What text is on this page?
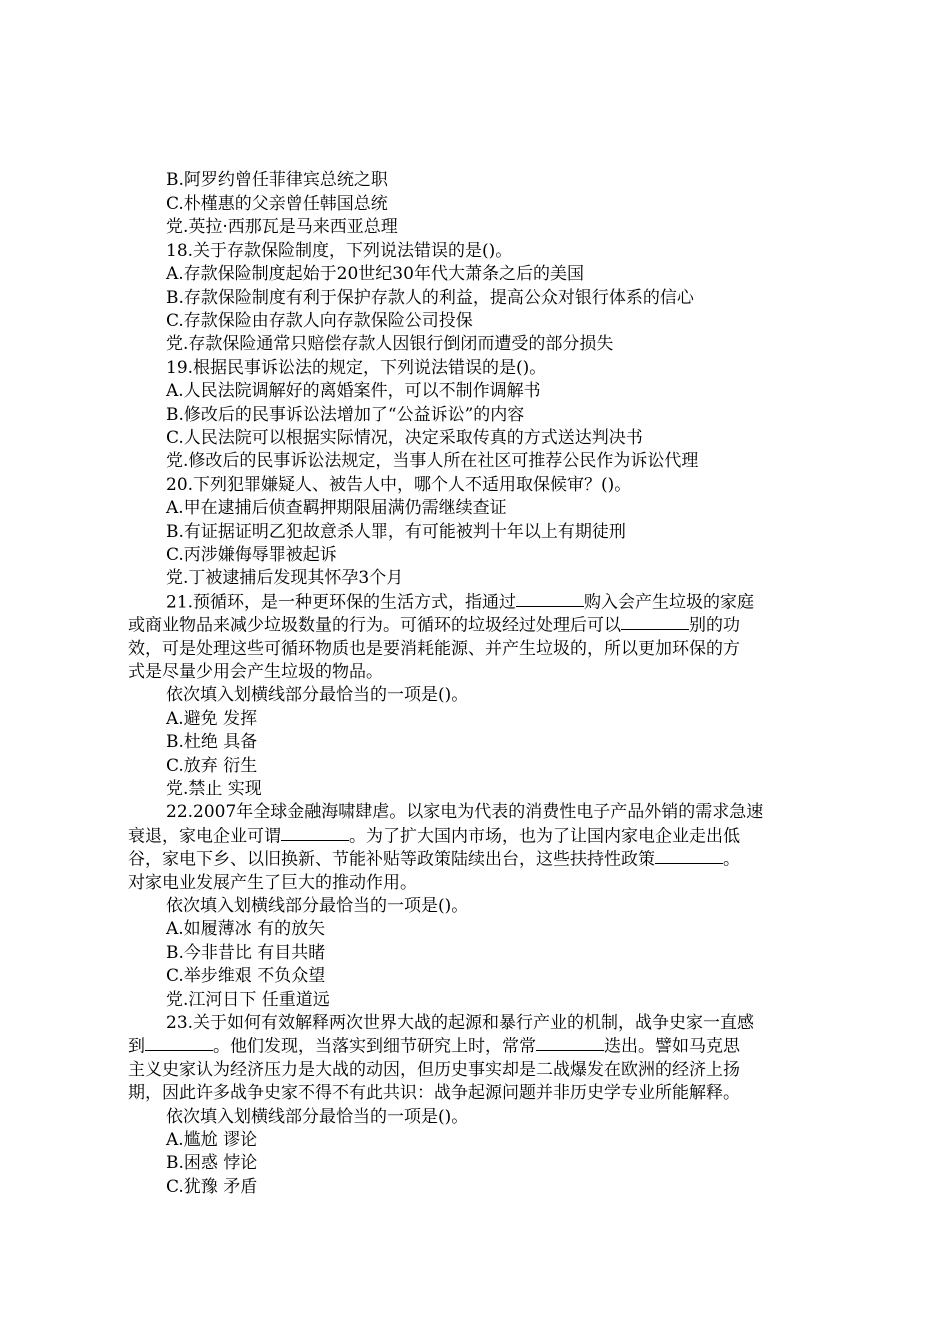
B.阿罗约曾任菲律宾总统之职
C.朴槿惠的父亲曾任韩国总统
党.英拉·西那瓦是马来西亚总理
18.关于存款保险制度，下列说法错误的是()。
A.存款保险制度起始于20世纪30年代大萧条之后的美国
B.存款保险制度有利于保护存款人的利益，提高公众对银行体系的信心
C.存款保险由存款人向存款保险公司投保
党.存款保险通常只赔偿存款人因银行倒闭而遭受的部分损失
19.根据民事诉讼法的规定，下列说法错误的是()。
A.人民法院调解好的离婚案件，可以不制作调解书
B.修改后的民事诉讼法增加了“公益诉讼”的内容
C.人民法院可以根据实际情况，决定采取传真的方式送达判决书
党.修改后的民事诉讼法规定，当事人所在社区可推荐公民作为诉讼代理
20.下列犯罪嫌疑人、被告人中，哪个人不适用取保候审？()。
A.甲在逮捕后侦查羁押期限届满仍需继续查证
B.有证据证明乙犯故意杀人罪，有可能被判十年以上有期徒刑
C.丙涉嫌侮辱罪被起诉
党.丁被逮捕后发现其怀孕3个月
21.预循环，是一种更环保的生活方式，指通过	购入会产生垃圾的家庭
或商业物品来减少垃圾数量的行为。可循环的垃圾经过处理后可以	别的功
效，可是处理这些可循环物质也是要消耗能源、并产生垃圾的，所以更加环保的方
式是尽量少用会产生垃圾的物品。
依次填入划横线部分最恰当的一项是()。
A.避免 发挥
B.杜绝 具备
C.放弃 衍生
党.禁止 实现
22.2007年全球金融海啸肆虐。以家电为代表的消费性电子产品外销的需求急速
衰退，家电企业可谓	。为了扩大国内市场，也为了让国内家电企业走出低
谷，家电下乡、以旧换新、节能补贴等政策陆续出台，这些扶持性政策	。
对家电业发展产生了巨大的推动作用。
依次填入划横线部分最恰当的一项是()。
A.如履薄冰 有的放矢
B.今非昔比 有目共睹
C.举步维艰 不负众望
党.江河日下 任重道远
23.关于如何有效解释两次世界大战的起源和暴行产业的机制，战争史家一直感
到	。他们发现，当落实到细节研究上时，常常	迭出。譬如马克思
主义史家认为经济压力是大战的动因，但历史事实却是二战爆发在欧洲的经济上扬
期，因此许多战争史家不得不有此共识：战争起源问题并非历史学专业所能解释。
依次填入划横线部分最恰当的一项是()。
A.尴尬 谬论
B.困惑 悖论
C.犹豫 矛盾
